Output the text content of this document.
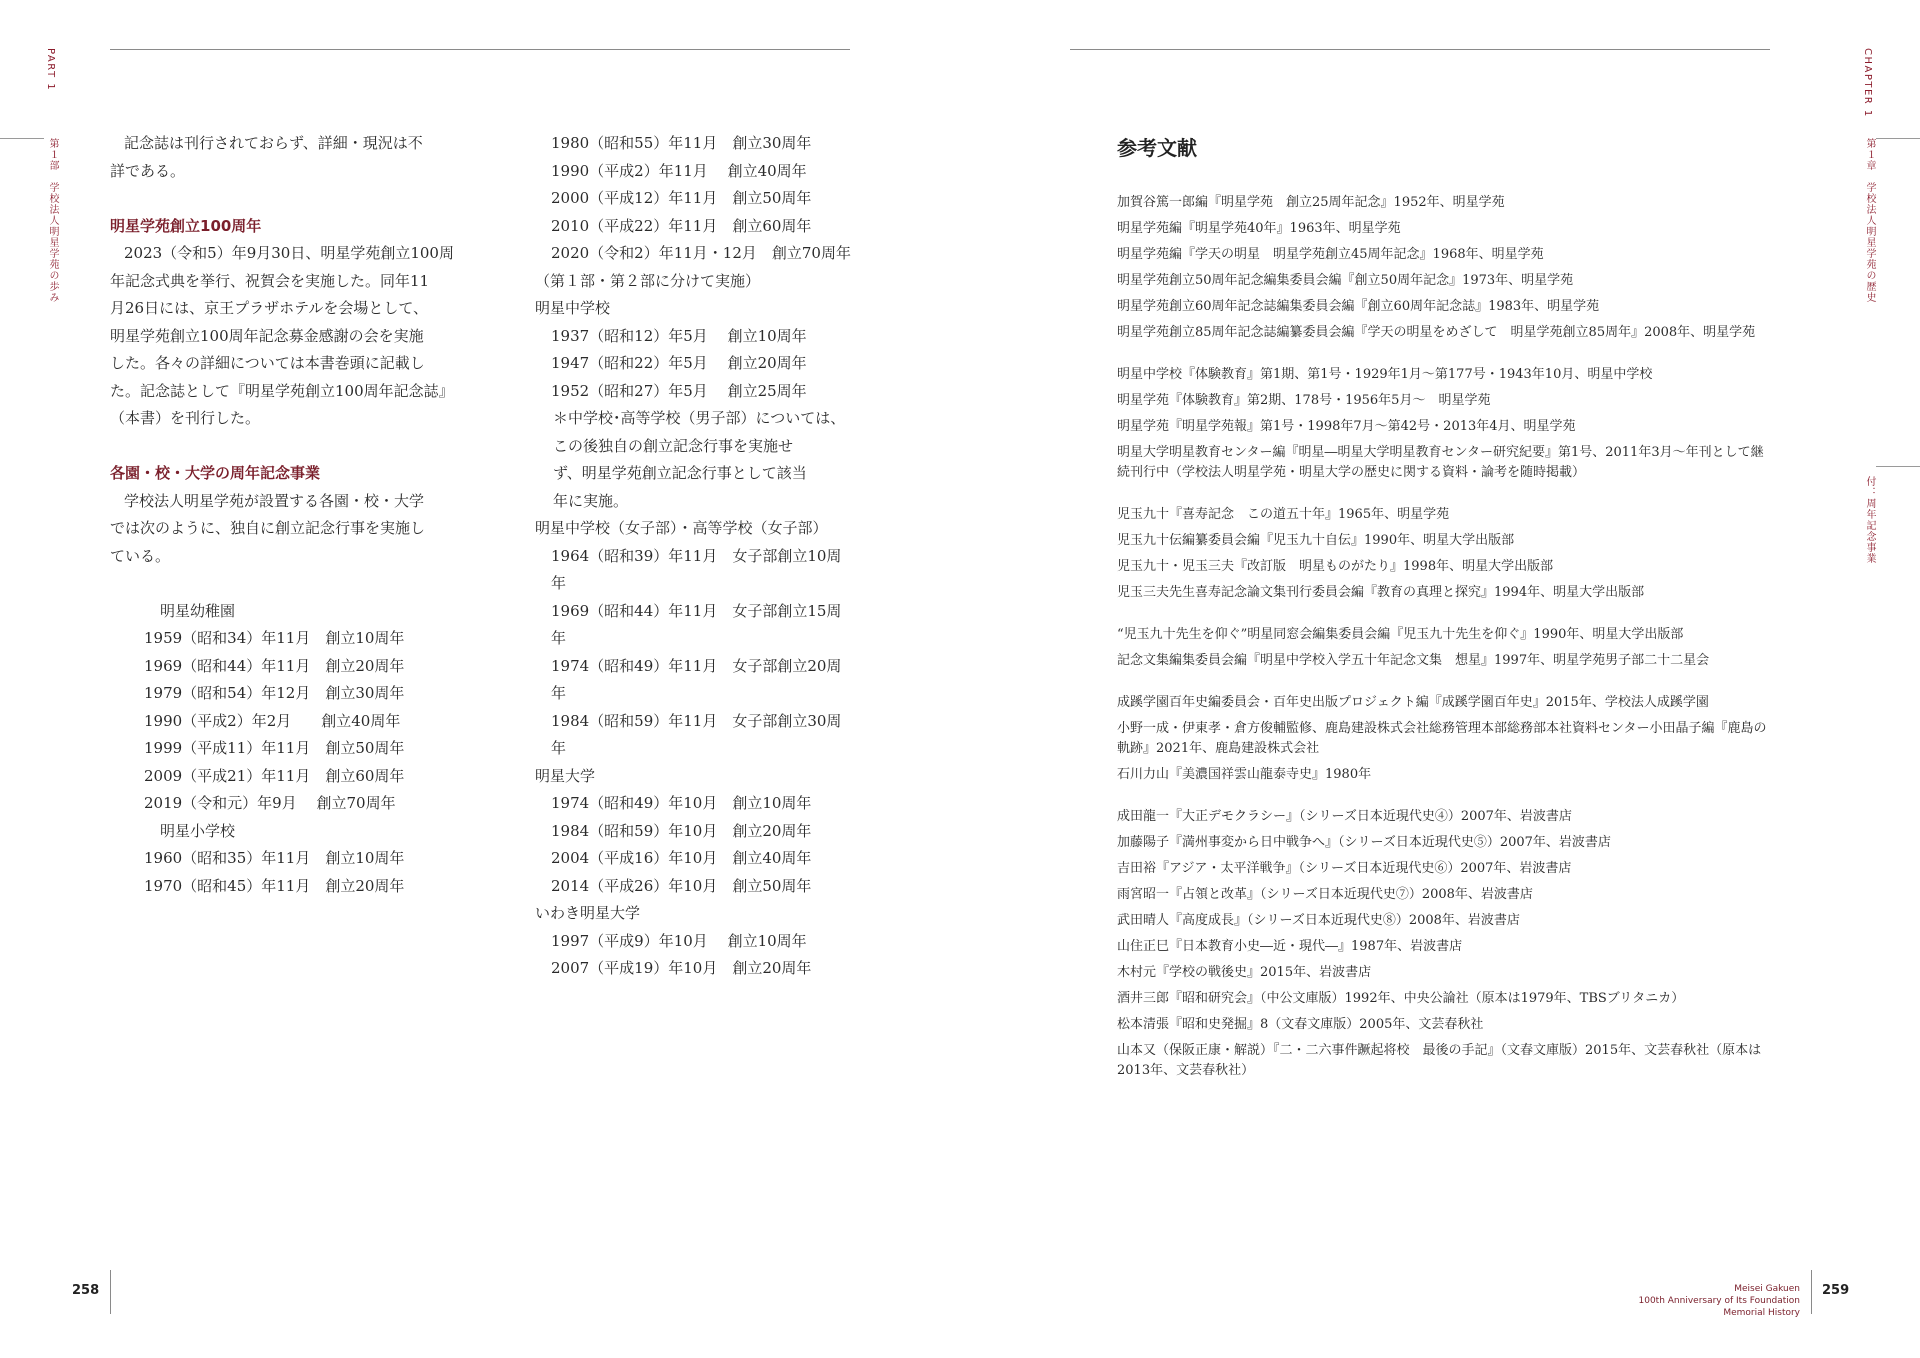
PART 1
第１部　学校法人明星学苑の歩み	記念誌は刊行されておらず、詳細・現況は不

詳である。

明星学苑創立100周年

2023（令和5）年9月30日、明星学苑創立100周

年記念式典を挙行、祝賀会を実施した。同年11

月26日には、京王プラザホテルを会場として、

明星学苑創立100周年記念募金感謝の会を実施

した。各々の詳細については本書巻頭に記載し

た。記念誌として『明星学苑創立100周年記念誌』

（本書）を刊行した。

各園・校・大学の周年記念事業

学校法人明星学苑が設置する各園・校・大学

では次のように、独自に創立記念行事を実施し

ている。

明星幼稚園

1959（昭和34）年11月　創立10周年

1969（昭和44）年11月　創立20周年

1979（昭和54）年12月　創立30周年

1990（平成2）年2月　　創立40周年

1999（平成11）年11月　創立50周年

2009（平成21）年11月　創立60周年

2019（令和元）年9月　 創立70周年

明星小学校

1960（昭和35）年11月　創立10周年

1970（昭和45）年11月　創立20周年

1980（昭和55）年11月　創立30周年

1990（平成2）年11月　 創立40周年

2000（平成12）年11月　創立50周年

2010（平成22）年11月　創立60周年

2020（令和2）年11月・12月　創立70周年

（第１部・第２部に分けて実施）

明星中学校

1937（昭和12）年5月　 創立10周年

1947（昭和22）年5月　 創立20周年

1952（昭和27）年5月　 創立25周年

＊中学校･高等学校（男子部）については、

この後独自の創立記念行事を実施せ

ず、明星学苑創立記念行事として該当

年に実施。

明星中学校（女子部）・高等学校（女子部）

1964（昭和39）年11月　女子部創立10周年

1969（昭和44）年11月　女子部創立15周年

1974（昭和49）年11月　女子部創立20周年

1984（昭和59）年11月　女子部創立30周年

明星大学

1974（昭和49）年10月　創立10周年

1984（昭和59）年10月　創立20周年

2004（平成16）年10月　創立40周年

2014（平成26）年10月　創立50周年

いわき明星大学

1997（平成9）年10月　 創立10周年

2007（平成19）年10月　創立20周年

258
CHAPTER 1
第１章　学校法人明星学苑の歴史
付：周年記念事業
259
参考文献
加賀谷篤一郎編『明星学苑　創立25周年記念』1952年、明星学苑
明星学苑編『明星学苑40年』1963年、明星学苑
明星学苑編『学天の明星　明星学苑創立45周年記念』1968年、明星学苑
明星学苑創立50周年記念編集委員会編『創立50周年記念』1973年、明星学苑
明星学苑創立60周年記念誌編集委員会編『創立60周年記念誌』1983年、明星学苑
明星学苑創立85周年記念誌編纂委員会編『学天の明星をめざして　明星学苑創立85周年』2008年、明星学苑
明星中学校『体験教育』第1期、第1号・1929年1月〜第177号・1943年10月、明星中学校
明星学苑『体験教育』第2期、178号・1956年5月〜　明星学苑
明星学苑『明星学苑報』第1号・1998年7月〜第42号・2013年4月、明星学苑
明星大学明星教育センター編『明星―明星大学明星教育センター研究紀要』第1号、2011年3月〜年刊として継続刊行中（学校法人明星学苑・明星大学の歴史に関する資料・論考を随時掲載）
児玉九十『喜寿記念　この道五十年』1965年、明星学苑
児玉九十伝編纂委員会編『児玉九十自伝』1990年、明星大学出版部
児玉九十・児玉三夫『改訂版　明星ものがたり』1998年、明星大学出版部
児玉三夫先生喜寿記念論文集刊行委員会編『教育の真理と探究』1994年、明星大学出版部
“児玉九十先生を仰ぐ”明星同窓会編集委員会編『児玉九十先生を仰ぐ』1990年、明星大学出版部
記念文集編集委員会編『明星中学校入学五十年記念文集　想星』1997年、明星学苑男子部二十二星会
成蹊学園百年史編委員会・百年史出版プロジェクト編『成蹊学園百年史』2015年、学校法人成蹊学園
小野一成・伊東孝・倉方俊輔監修、鹿島建設株式会社総務管理本部総務部本社資料センター小田晶子編『鹿島の軌跡』2021年、鹿島建設株式会社
石川力山『美濃国祥雲山龍泰寺史』1980年
成田龍一『大正デモクラシー』（シリーズ日本近現代史④）2007年、岩波書店
加藤陽子『満州事変から日中戦争へ』（シリーズ日本近現代史⑤）2007年、岩波書店
吉田裕『アジア・太平洋戦争』（シリーズ日本近現代史⑥）2007年、岩波書店
雨宮昭一『占領と改革』（シリーズ日本近現代史⑦）2008年、岩波書店
武田晴人『高度成長』（シリーズ日本近現代史⑧）2008年、岩波書店
山住正巳『日本教育小史―近・現代―』1987年、岩波書店
木村元『学校の戦後史』2015年、岩波書店
酒井三郎『昭和研究会』（中公文庫版）1992年、中央公論社（原本は1979年、TBSブリタニカ）
松本清張『昭和史発掘』8（文春文庫版）2005年、文芸春秋社
山本又（保阪正康・解説）『二・二六事件蹶起将校　最後の手記』（文春文庫版）2015年、文芸春秋社（原本は2013年、文芸春秋社）
Meisei Gakuen
100th Anniversary of Its Foundation
Memorial History
